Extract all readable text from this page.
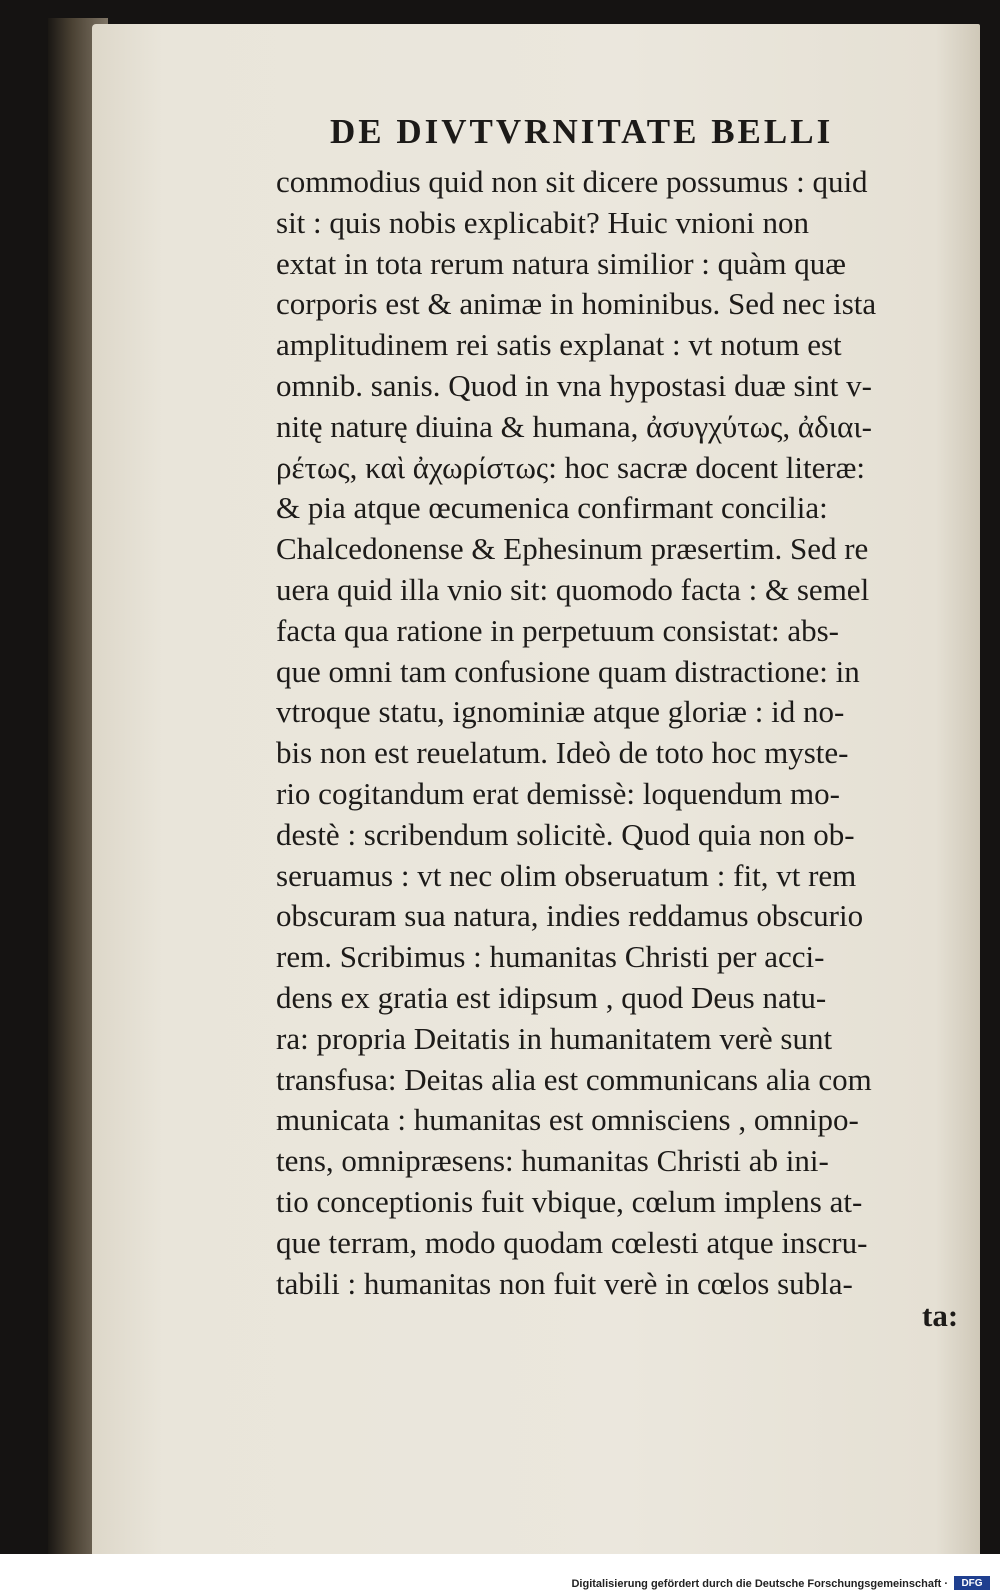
DE DIVTVRNITATE BELLI
commodius quid non sit dicere possumus : quid
sit : quis nobis explicabit? Huic vnioni non
extat in tota rerum natura similior : quàm quæ
corporis est & animæ in hominibus. Sed nec ista
amplitudinem rei satis explanat : vt notum est
omnib. sanis. Quod in vna hypostasi duæ sint v-
nitę naturę diuina & humana, ἀσυγχύτως, ἀδιαι-
ρέτως, καὶ ἀχωρίστως: hoc sacræ docent literæ:
& pia atque œcumenica confirmant concilia:
Chalcedonense & Ephesinum præsertim. Sed re
uera quid illa vnio sit: quomodo facta : & semel
facta qua ratione in perpetuum consistat: abs-
que omni tam confusione quam distractione: in
vtroque statu, ignominiæ atque gloriæ : id no-
bis non est reuelatum. Ideò de toto hoc myste-
rio cogitandum erat demissè: loquendum mo-
destè : scribendum solicitè. Quod quia non ob-
seruamus : vt nec olim obseruatum : fit, vt rem
obscuram sua natura, indies reddamus obscurio
rem. Scribimus : humanitas Christi per acci-
dens ex gratia est idipsum , quod Deus natu-
ra: propria Deitatis in humanitatem verè sunt
transfusa: Deitas alia est communicans alia com
municata : humanitas est omnisciens , omnipo-
tens, omnipræsens: humanitas Christi ab ini-
tio conceptionis fuit vbique, cœlum implens at-
que terram, modo quodam cœlesti atque inscru-
tabili : humanitas non fuit verè in cœlos subla-
ta:
Digitalisierung gefördert durch die Deutsche Forschungsgemeinschaft ·	DFG
